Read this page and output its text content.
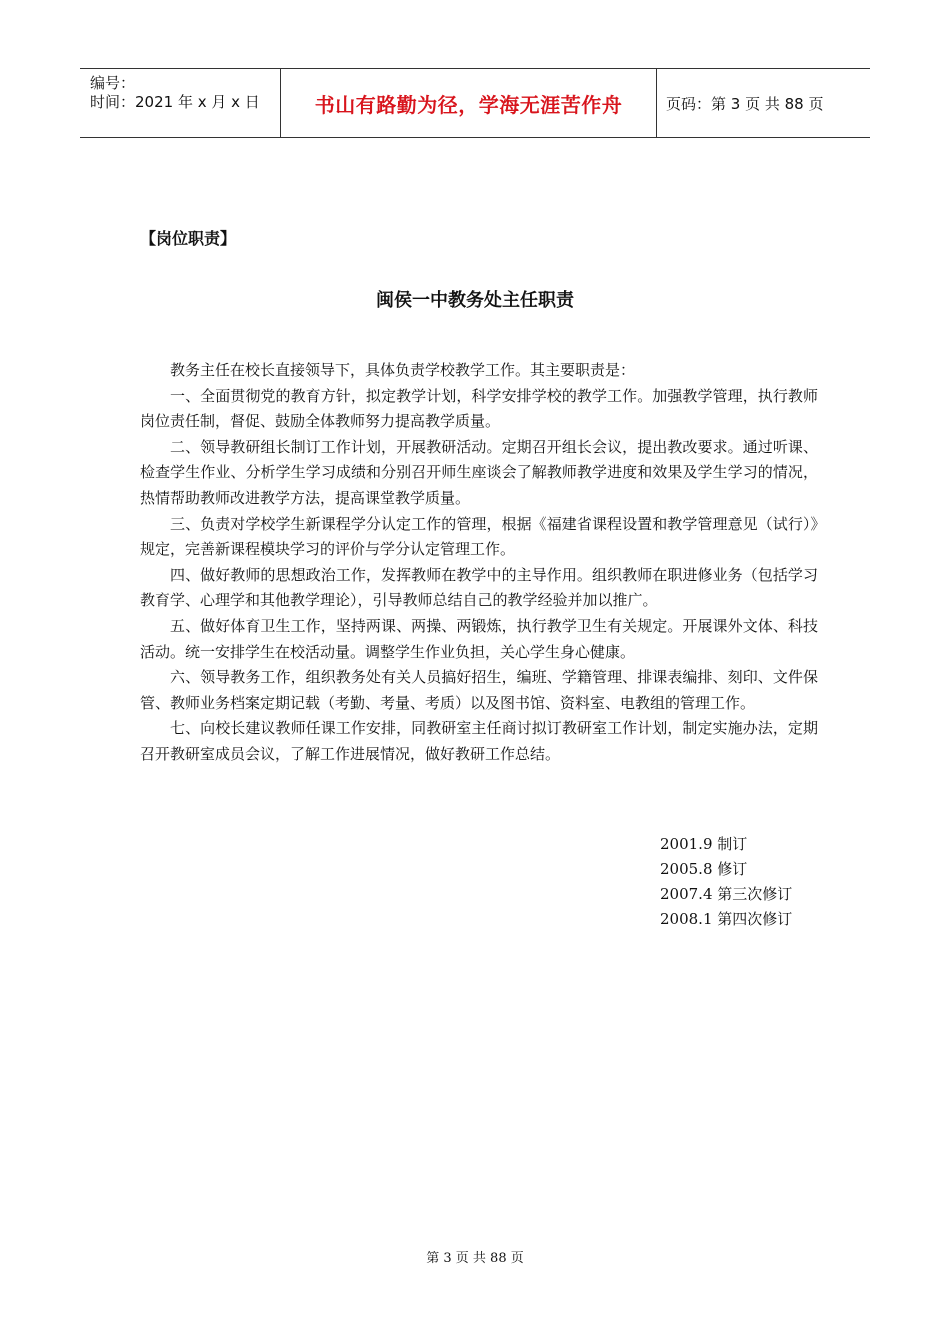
编号：
时间：2021 年 x 月 x 日	书山有路勤为径，学海无涯苦作舟	页码：第 3 页 共 88 页
【岗位职责】
闽侯一中教务处主任职责

教务主任在校长直接领导下，具体负责学校教学工作。其主要职责是：

一、全面贯彻党的教育方针，拟定教学计划，科学安排学校的教学工作。加强教学管理，执行教师岗位责任制，督促、鼓励全体教师努力提高教学质量。

二、领导教研组长制订工作计划，开展教研活动。定期召开组长会议，提出教改要求。通过听课、检查学生作业、分析学生学习成绩和分别召开师生座谈会了解教师教学进度和效果及学生学习的情况，热情帮助教师改进教学方法，提高课堂教学质量。

三、负责对学校学生新课程学分认定工作的管理，根据《福建省课程设置和教学管理意见（试行）》规定，完善新课程模块学习的评价与学分认定管理工作。

四、做好教师的思想政治工作，发挥教师在教学中的主导作用。组织教师在职进修业务（包括学习教育学、心理学和其他教学理论），引导教师总结自己的教学经验并加以推广。

五、做好体育卫生工作，坚持两课、两操、两锻炼，执行教学卫生有关规定。开展课外文体、科技活动。统一安排学生在校活动量。调整学生作业负担，关心学生身心健康。

六、领导教务工作，组织教务处有关人员搞好招生，编班、学籍管理、排课表编排、刻印、文件保管、教师业务档案定期记载（考勤、考量、考质）以及图书馆、资料室、电教组的管理工作。

七、向校长建议教师任课工作安排，同教研室主任商讨拟订教研室工作计划，制定实施办法，定期召开教研室成员会议，了解工作进展情况，做好教研工作总结。

2001.9 制订
2005.8 修订
2007.4 第三次修订
2008.1 第四次修订
第 3 页 共 88 页
